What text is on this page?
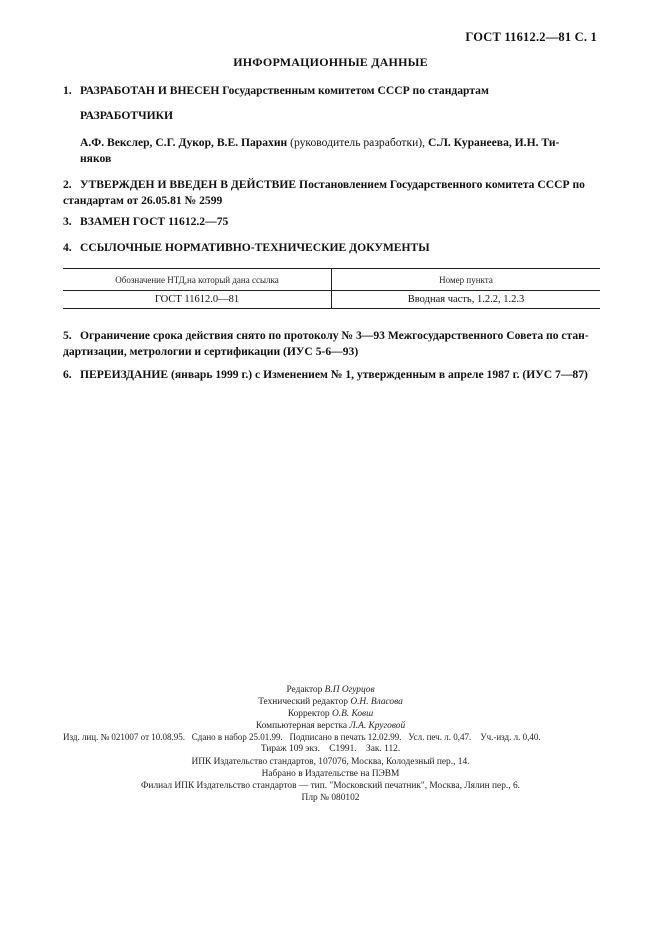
ГОСТ 11612.2—81 С. 1
ИНФОРМАЦИОННЫЕ ДАННЫЕ
1. РАЗРАБОТАН И ВНЕСЕН Государственным комитетом СССР по стандартам
РАЗРАБОТЧИКИ
А.Ф. Векслер, С.Г. Дукор, В.Е. Парахин (руководитель разработки), С.Л. Куранеева, И.Н. Ти-
няков
2. УТВЕРЖДЕН И ВВЕДЕН В ДЕЙСТВИЕ Постановлением Государственного комитета СССР по
стандартам от 26.05.81 № 2599
3. ВЗАМЕН ГОСТ 11612.2—75
4. ССЫЛОЧНЫЕ НОРМАТИВНО-ТЕХНИЧЕСКИЕ ДОКУМЕНТЫ
Обозначение НТД,на который дана ссылка	Номер пункта
ГОСТ 11612.0—81	Вводная часть, 1.2.2, 1.2.3
5. Ограничение срока действия снято по протоколу № 3—93 Межгосударственного Совета по стан-
дартизации, метрологии и сертификации (ИУС 5-6—93)
6. ПЕРЕИЗДАНИЕ (январь 1999 г.) с Изменением № 1, утвержденным в апреле 1987 г. (ИУС 7—87)
Редактор В.П Огурцов
Технический редактор О.Н. Власова
Корректор О.В. Ковш
Компьютерная верстка Л.А. Круговой
Изд. лиц. № 021007 от 10.08.95.   Сдано в набор 25.01.99.   Подписано в печать 12.02.99.   Усл. печ. л. 0,47.    Уч.-изд. л. 0,40.
Тираж 109 экз.    С1991.    Зак. 112.
ИПК Издательство стандартов, 107076, Москва, Колодезный пер., 14.
Набрано в Издательстве на ПЭВМ
Филиал ИПК Издательство стандартов — тип. "Московский печатник", Москва, Лялин пер., 6.
Плр № 080102
